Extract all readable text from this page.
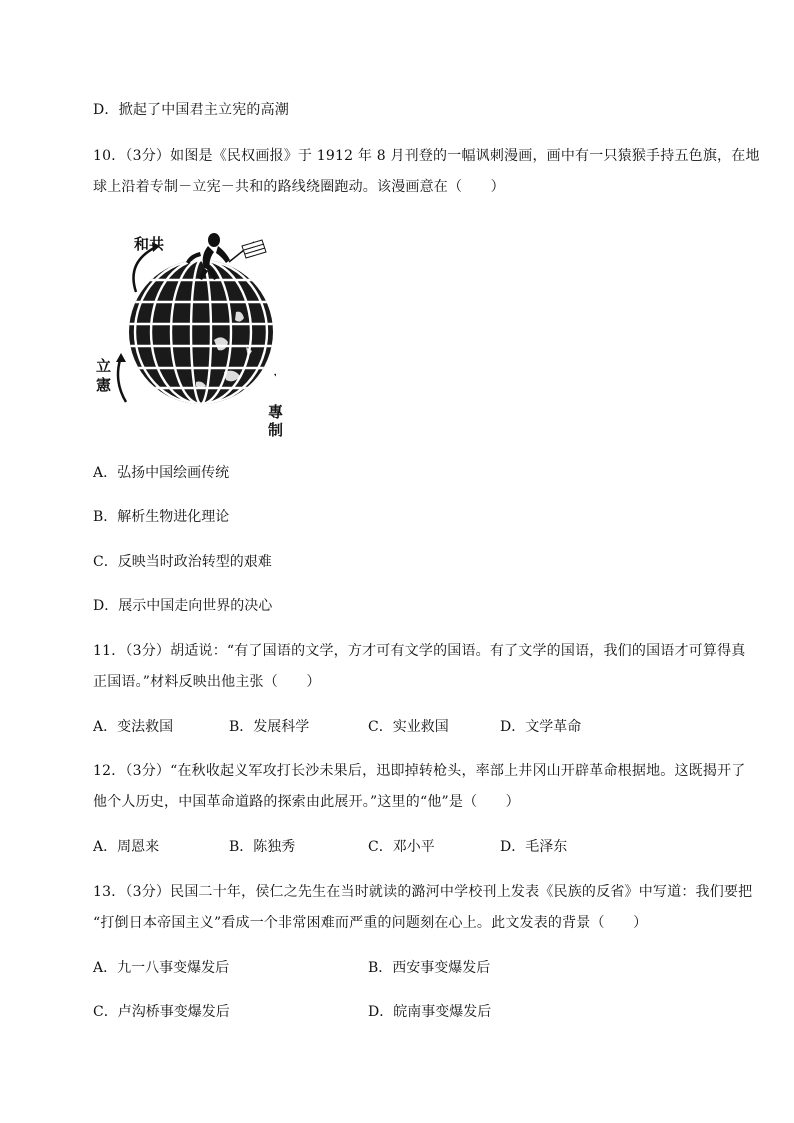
D．掀起了中国君主立宪的高潮
10．（3分）如图是《民权画报》于 1912 年 8 月刊登的一幅讽刺漫画，画中有一只猿猴手持五色旗，在地
球上沿着专制－立宪－共和的路线绕圈跑动。该漫画意在（　　）
和共
立
憲
專
制
A．弘扬中国绘画传统
B．解析生物进化理论
C．反映当时政治转型的艰难
D．展示中国走向世界的决心
11．（3分）胡适说：“有了国语的文学，方才可有文学的国语。有了文学的国语，我们的国语才可算得真
正国语。”材料反映出他主张（　　）
A．变法救国	B．发展科学	C．实业救国	D．文学革命
12．（3分）“在秋收起义军攻打长沙未果后，迅即掉转枪头，率部上井冈山开辟革命根据地。这既揭开了
他个人历史，中国革命道路的探索由此展开。”这里的“他”是（　　）
A．周恩来	B．陈独秀	C．邓小平	D．毛泽东
13．（3分）民国二十年，侯仁之先生在当时就读的潞河中学校刊上发表《民族的反省》中写道：我们要把
“打倒日本帝国主义”看成一个非常困难而严重的问题刻在心上。此文发表的背景（　　）
A．九一八事变爆发后	B．西安事变爆发后
C．卢沟桥事变爆发后	D．皖南事变爆发后
